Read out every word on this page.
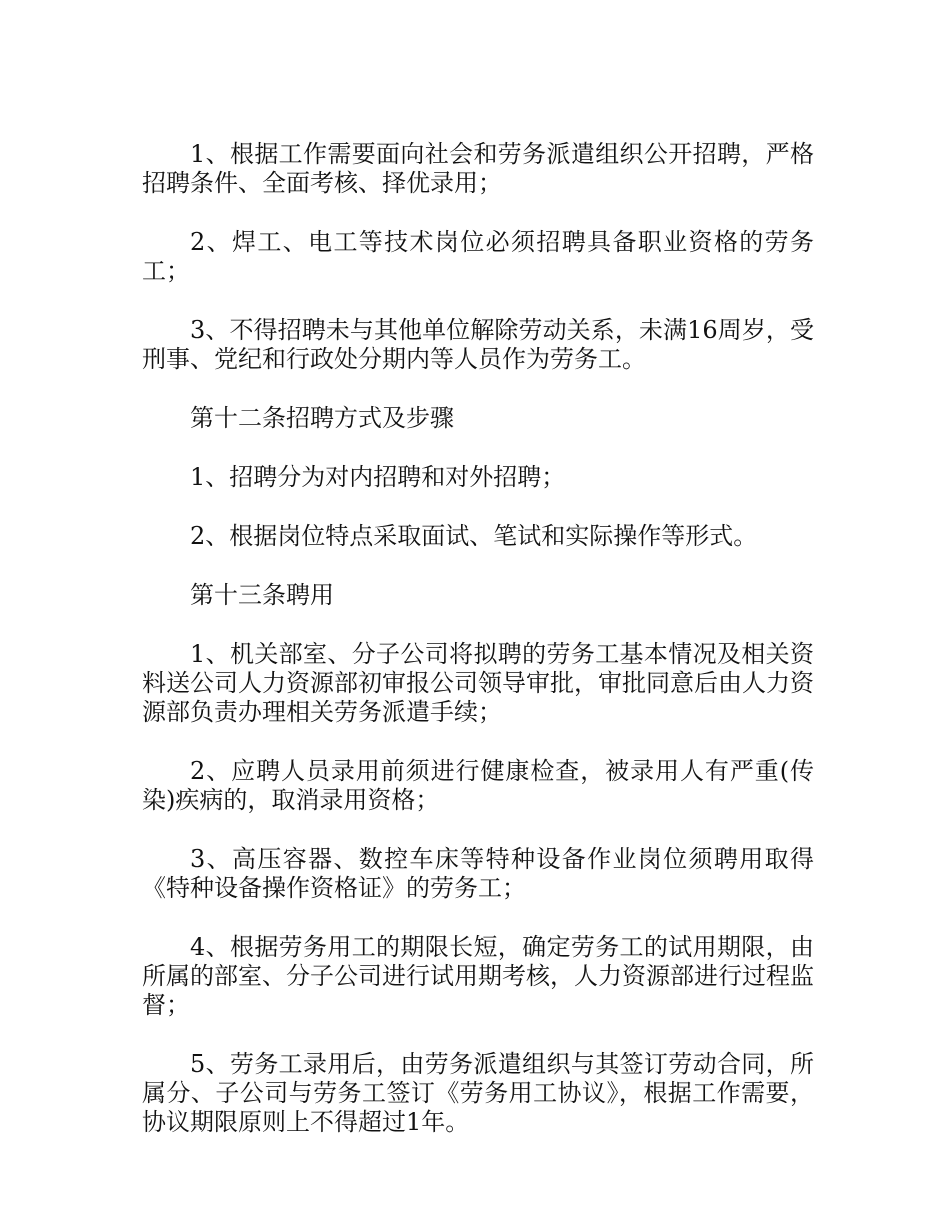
1、根据工作需要面向社会和劳务派遣组织公开招聘，严格招聘条件、全面考核、择优录用；

2、焊工、电工等技术岗位必须招聘具备职业资格的劳务工；

3、不得招聘未与其他单位解除劳动关系，未满16周岁，受刑事、党纪和行政处分期内等人员作为劳务工。

第十二条招聘方式及步骤

1、招聘分为对内招聘和对外招聘；

2、根据岗位特点采取面试、笔试和实际操作等形式。

第十三条聘用

1、机关部室、分子公司将拟聘的劳务工基本情况及相关资料送公司人力资源部初审报公司领导审批，审批同意后由人力资源部负责办理相关劳务派遣手续；

2、应聘人员录用前须进行健康检查，被录用人有严重(传染)疾病的，取消录用资格；

3、高压容器、数控车床等特种设备作业岗位须聘用取得《特种设备操作资格证》的劳务工；

4、根据劳务用工的期限长短，确定劳务工的试用期限，由所属的部室、分子公司进行试用期考核，人力资源部进行过程监督；

5、劳务工录用后，由劳务派遣组织与其签订劳动合同，所属分、子公司与劳务工签订《劳务用工协议》，根据工作需要，协议期限原则上不得超过1年。
